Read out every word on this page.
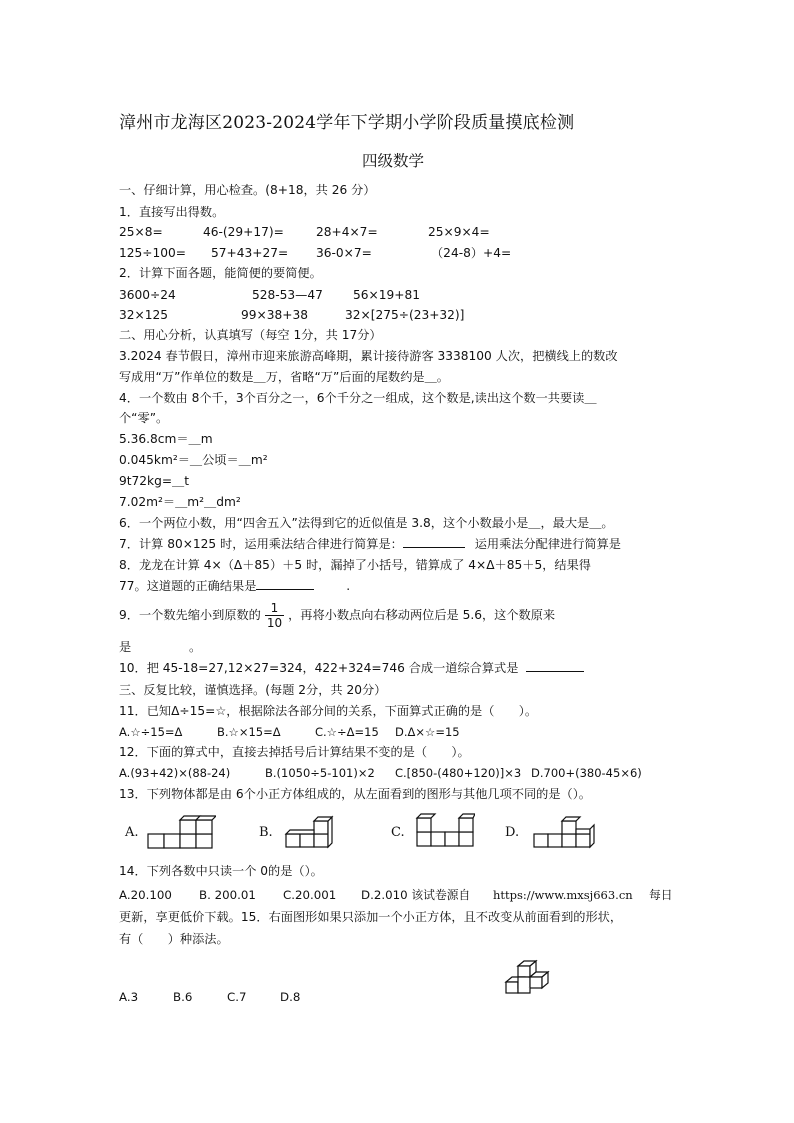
漳州市龙海区2023-2024学年下学期小学阶段质量摸底检测
四级数学
一、仔细计算，用心检查。(8+18，共 26 分）
1．直接写出得数。
25×8=	46-(29+17)=	28+4×7=	25×9×4=
125÷100= 57+43+27= 36-0×7=	（24-8）+4=
2．计算下面各题，能简便的要简便。
3600÷24	528-53—47 56×19+81
32×125	99×38+38	32×[275÷(23+32)]
二、用心分析，认真填写（每空 1分，共 17分）
3.2024 春节假日，漳州市迎来旅游高峰期，累计接待游客 3338100 人次，把横线上的数改
写成用“万”作单位的数是＿万，省略“万”后面的尾数约是＿。
4．一个数由 8个千，3个百分之一，6个千分之一组成，这个数是,读出这个数一共要读＿
个“零”。
5.36.8cm＝＿m
0.045km²＝＿公顷＝＿m²
9t72kg=＿t
7.02m²＝＿m²＿dm²
6．一个两位小数，用“四舍五入”法得到它的近似值是 3.8，这个小数最小是＿，最大是＿。
7．计算 80×125 时，运用乘法结合律进行简算是：	运用乘法分配律进行简算是
8．龙龙在计算 4×（Δ＋85）＋5 时，漏掉了小括号，错算成了 4×Δ＋85＋5，结果得
77。这道题的正确结果是	.
9．一个数先缩小到原数的 $\frac{1}{10}$ ，再将小数点向右移动两位后是 5.6，这个数原来
是	。
10．把 45-18=27,12×27=324，422+324=746 合成一道综合算式是
三、反复比较，谨慎选择。(每题 2分，共 20分）
11．已知Δ÷15=☆，根据除法各部分间的关系，下面算式正确的是（　　）。
A.☆÷15=Δ	B.☆×15=Δ	C.☆÷Δ=15 D.Δ×☆=15
12．下面的算式中，直接去掉括号后计算结果不变的是（　　）。
A.(93+42)×(88-24)	B.(1050÷5-101)×2 C.[850-(480+120)]×3 D.700+(380-45×6)
13．下列物体都是由 6个小正方体组成的，从左面看到的图形与其他几项不同的是（）。
A.	B.	C.	D.
14．下列各数中只读一个 0的是（）。
A.20.100 B. 200.01 C.20.001 D.2.010 该试卷源自 https://www.mxsj663.cn 每日
更新，享更低价下载。15．右面图形如果只添加一个小正方体，且不改变从前面看到的形状，
有（　　）种添法。
A.3	B.6	C.7	D.8
